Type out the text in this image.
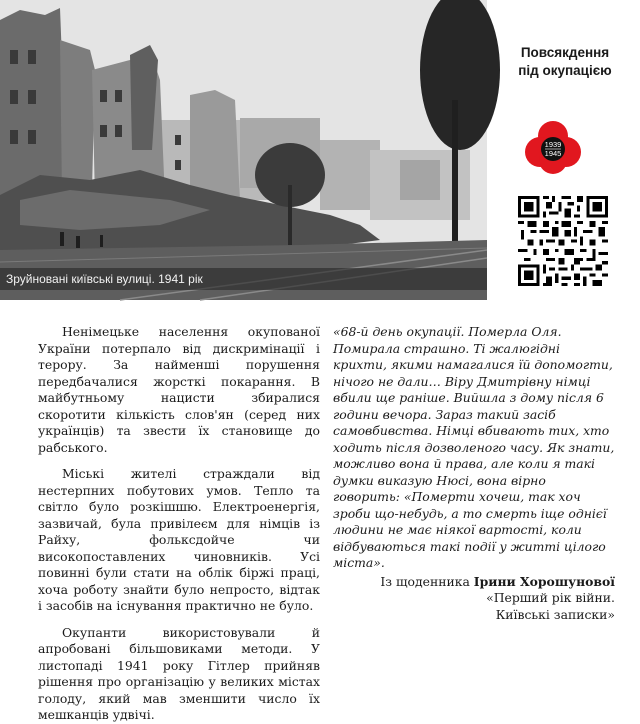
Зруйновані київські вулиці. 1941 рік
Повсякдення
під окупацією
1939
1945

Ненімецьке населення окупованої України потерпало від дискримінації і терору. За найменші порушення передбачалися жорсткі покарання. В майбутньому нацисти збиралися скоротити кількість слов'ян (серед них українців) та звести їх становище до рабського.

Міські жителі страждали від нестерпних побутових умов. Тепло та світло було розкішшю. Електроенергія, зазвичай, була привілеєм для німців із Райху, фольксдойче чи високопоставлених чиновників. Усі повинні були стати на облік біржі праці, хоча роботу знайти було непросто, відтак і засобів на існування практично не було.

Окупанти використовували й апробовані більшовиками методи. У листопаді 1941 року Гітлер прийняв рішення про організацію у великих містах голоду, який мав зменшити число їх мешканців удвічі.

«68-й день окупації. Померла Оля. Помирала страшно. Ті жалюгідні крихти, якими намагалися їй допомогти, нічого не дали… Віру Дмитрівну німці вбили ще раніше. Вийшла з дому після 6 години вечора. Зараз такий засіб самовбивства. Німці вбивають тих, хто ходить після дозволеного часу. Як знати, можливо вона й права, але коли я такі думки виказую Нюсі, вона вірно говорить: «Померти хочеш, так хоч зроби що-небудь, а то смерть іще однієї людини не має ніякої вартості, коли відбуваються такі події у житті цілого міста».
Із щоденника Ірини Хорошунової
«Перший рік війни.
Київські записки»
